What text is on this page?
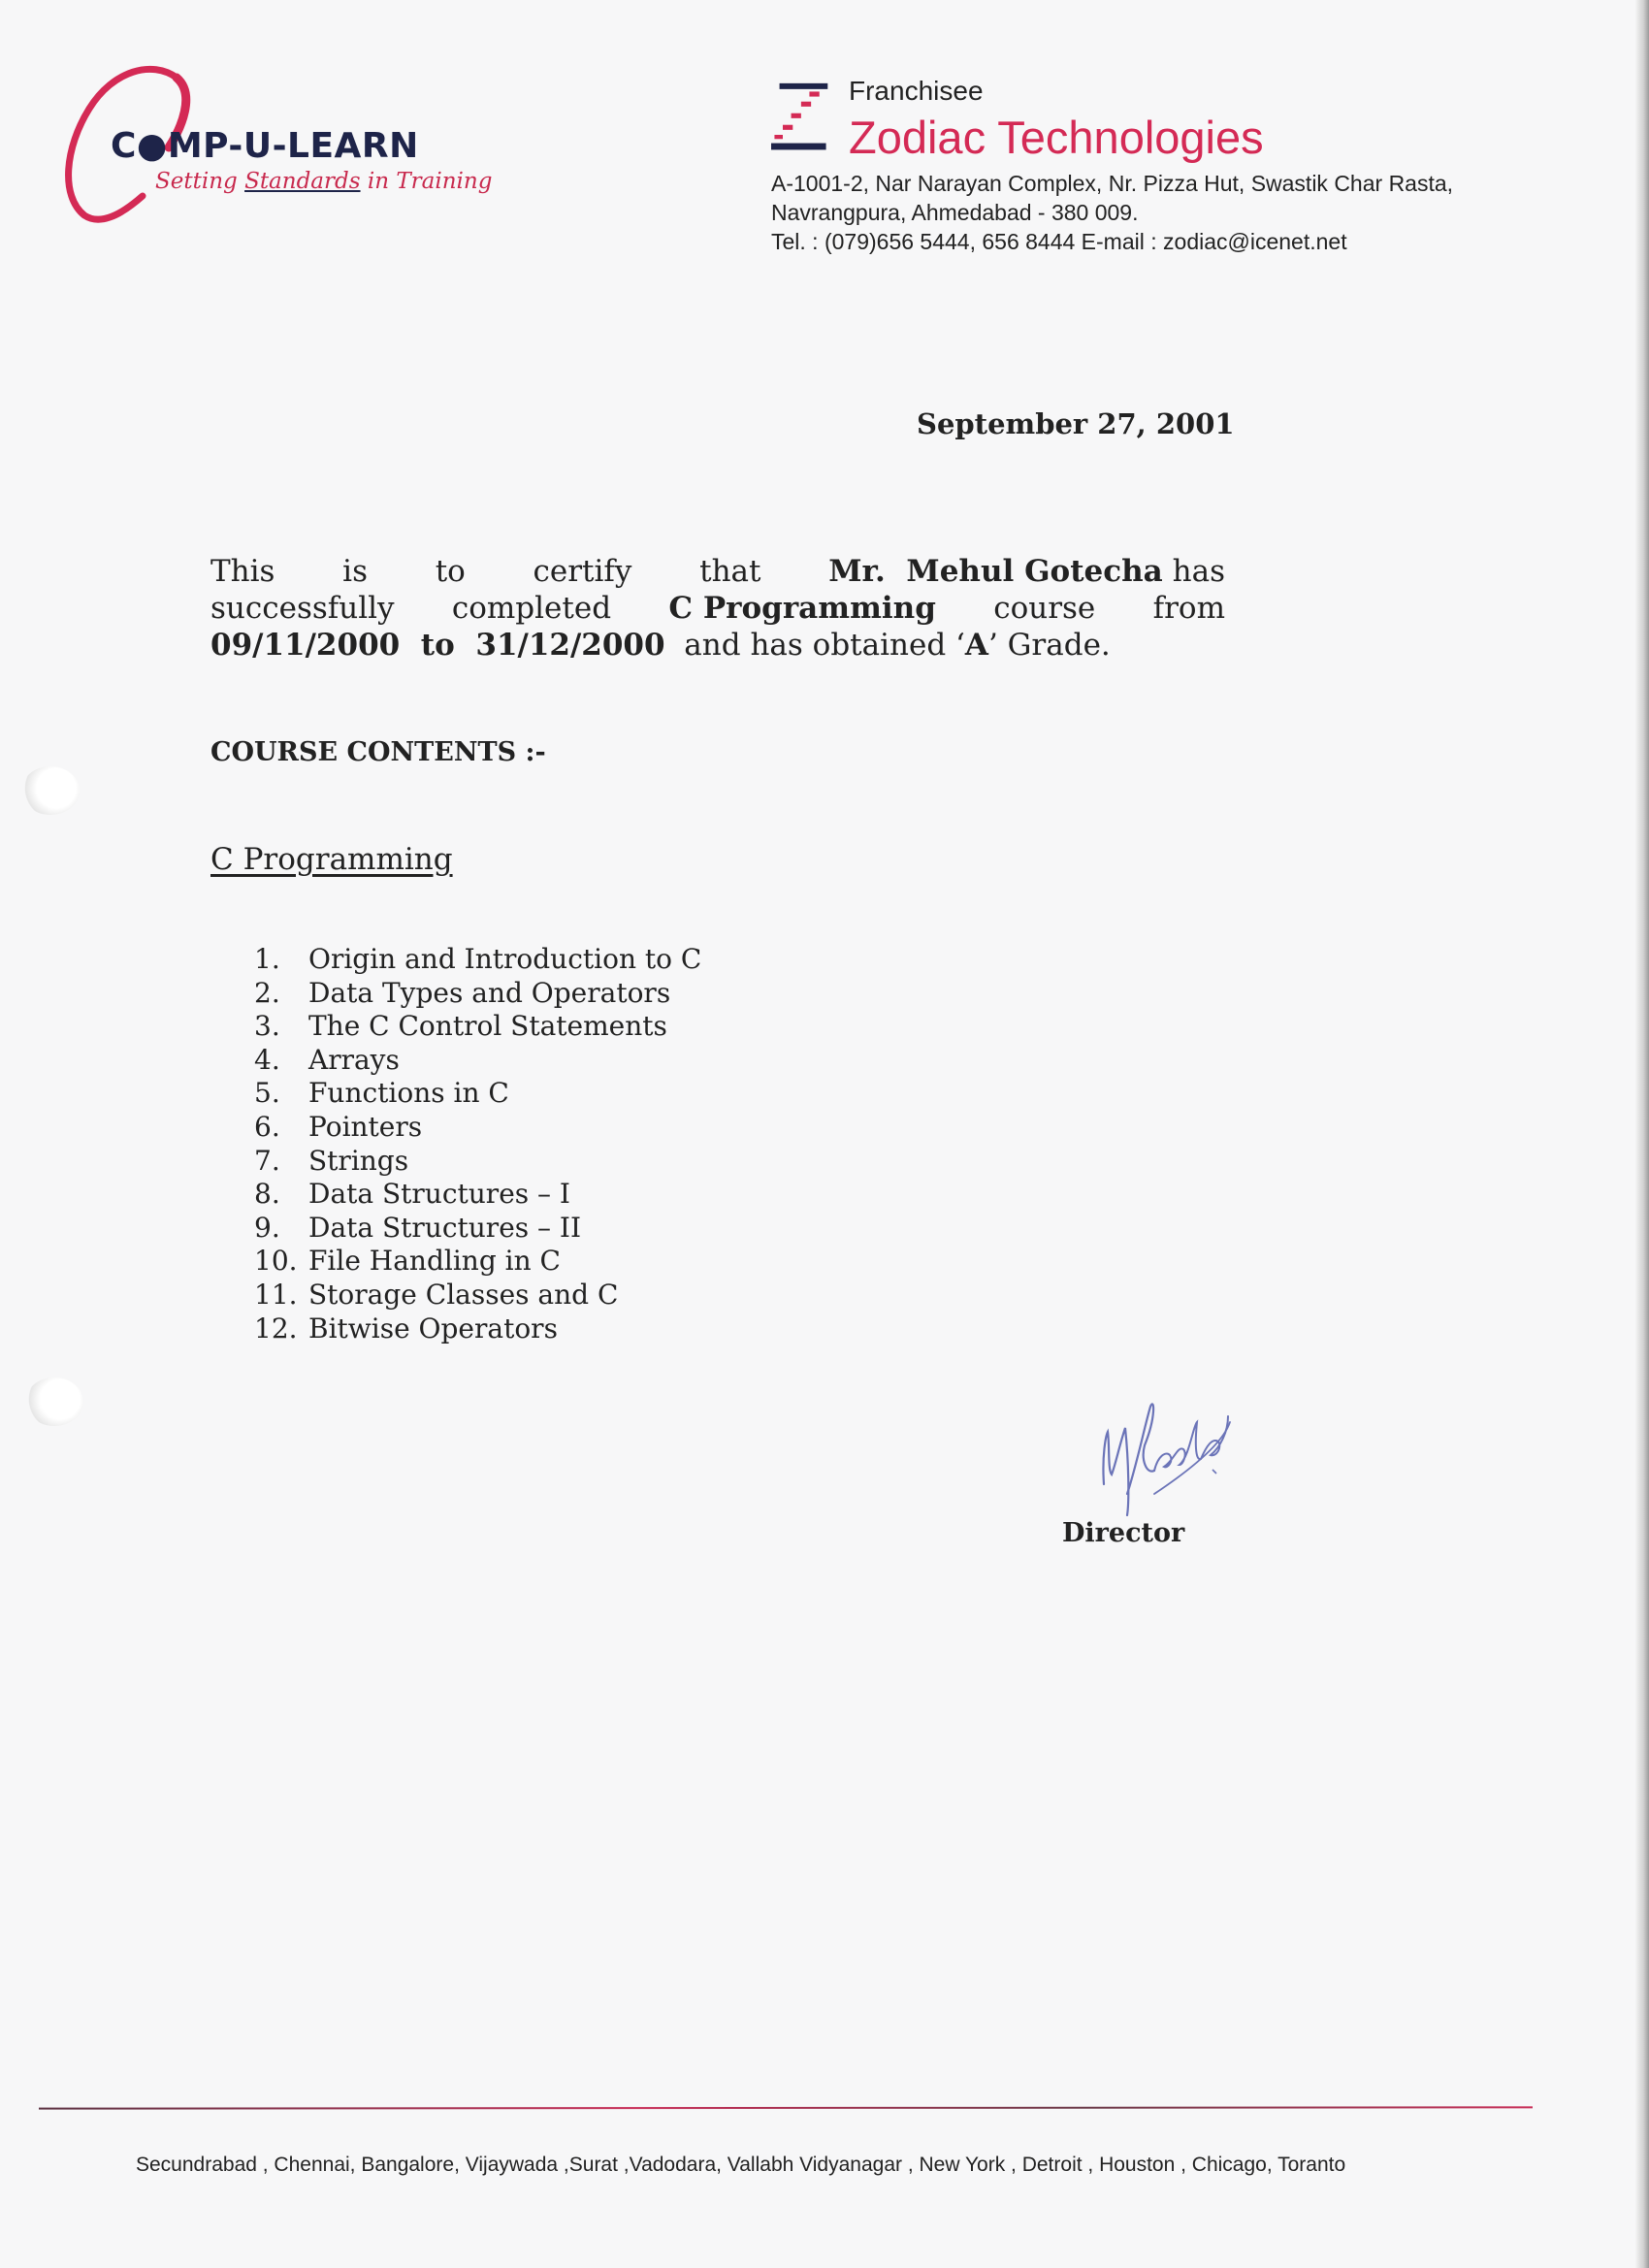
C●MP-U-LEARN
Setting Standards in Training
Franchisee
Zodiac Technologies
A-1001-2, Nar Narayan Complex, Nr. Pizza Hut, Swastik Char Rasta,
Navrangpura, Ahmedabad - 380 009.
Tel. : (079)656 5444, 656 8444 E-mail : zodiac@icenet.net
September 27, 2001
This is to certify that Mr.  Mehul Gotecha has
successfully completed C Programming course from
09/11/2000  to  31/12/2000 and has obtained ‘A’ Grade.
COURSE CONTENTS :-
C Programming
1.	Origin and Introduction to C
2.	Data Types and Operators
3.	The C Control Statements
4.	Arrays
5.	Functions in C
6.	Pointers
7.	Strings
8.	Data Structures – I
9.	Data Structures – II
10. File Handling in C
11. Storage Classes and C
12. Bitwise Operators
Director
Secundrabad , Chennai, Bangalore, Vijaywada ,Surat ,Vadodara, Vallabh Vidyanagar , New York , Detroit , Houston , Chicago, Toranto
